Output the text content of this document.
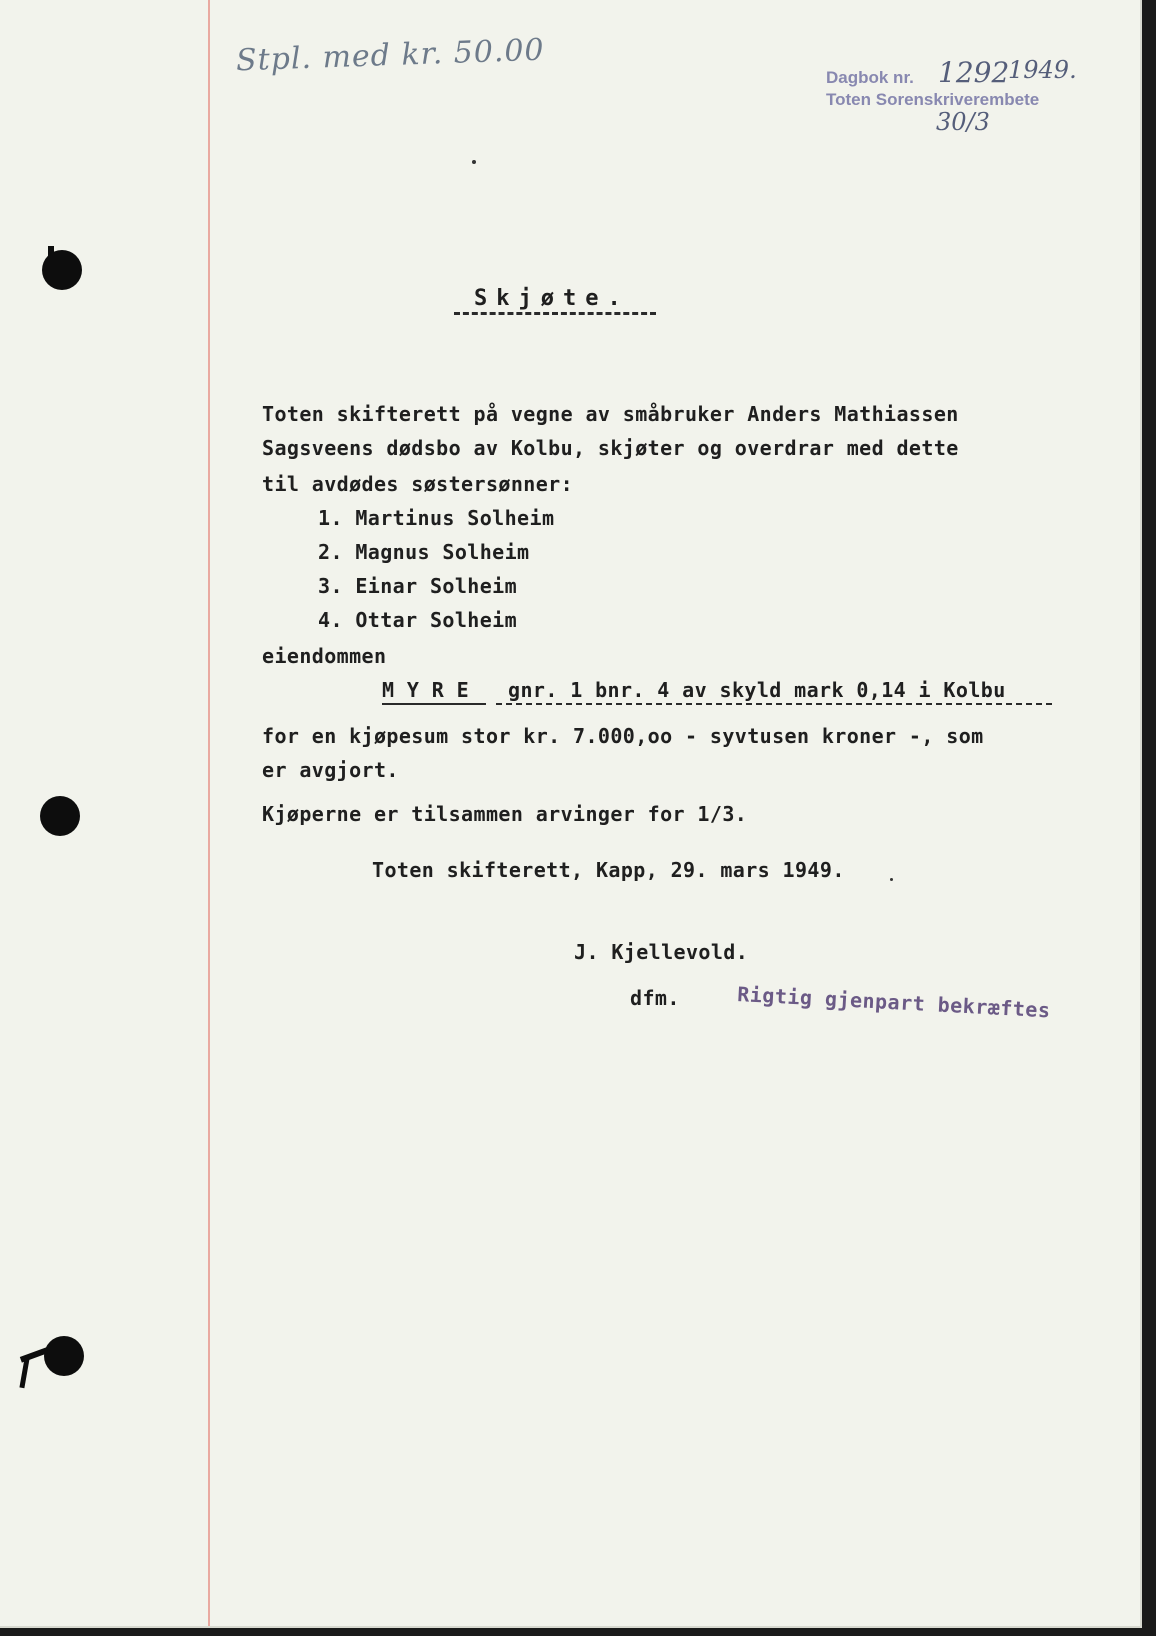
Stpl. med kr. 50.00	Dagbok nr.
Toten Sorenskriverembete
1292
1949.
30/3
Skjøte.
Toten skifterett på vegne av småbruker Anders Mathiassen
Sagsveens dødsbo av Kolbu, skjøter og overdrar med dette
til avdødes søstersønner:
1. Martinus Solheim
2. Magnus Solheim
3. Einar Solheim
4. Ottar Solheim
eiendommen
M Y R E gnr. 1 bnr. 4 av skyld mark 0,14 i Kolbu
for en kjøpesum stor kr. 7.000,oo - syvtusen kroner -, som
er avgjort.
Kjøperne er tilsammen arvinger for 1/3.
Toten skifterett, Kapp, 29. mars 1949.
J. Kjellevold.
dfm.	Rigtig gjenpart bekræftes
